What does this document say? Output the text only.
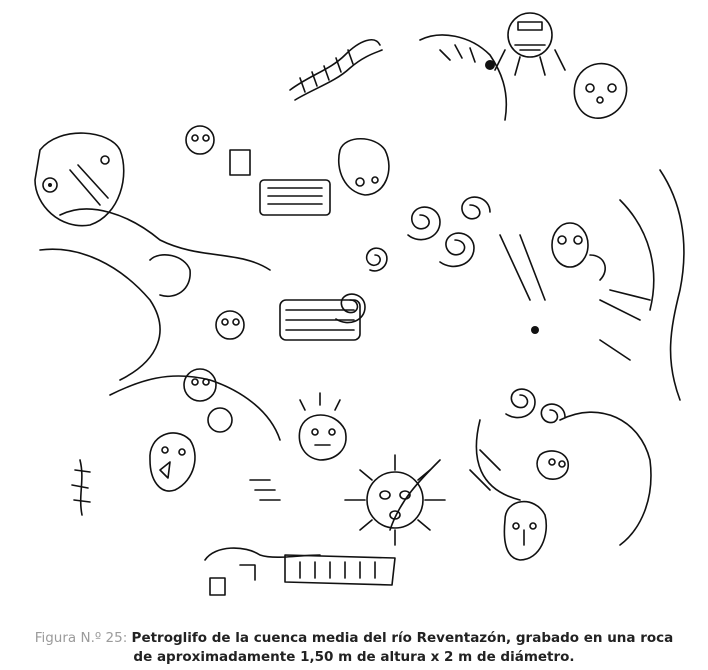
Figura N.º 25: Petroglifo de la cuenca media del río Reventazón, grabado en una roca
de aproximadamente 1,50 m de altura x 2 m de diámetro.
